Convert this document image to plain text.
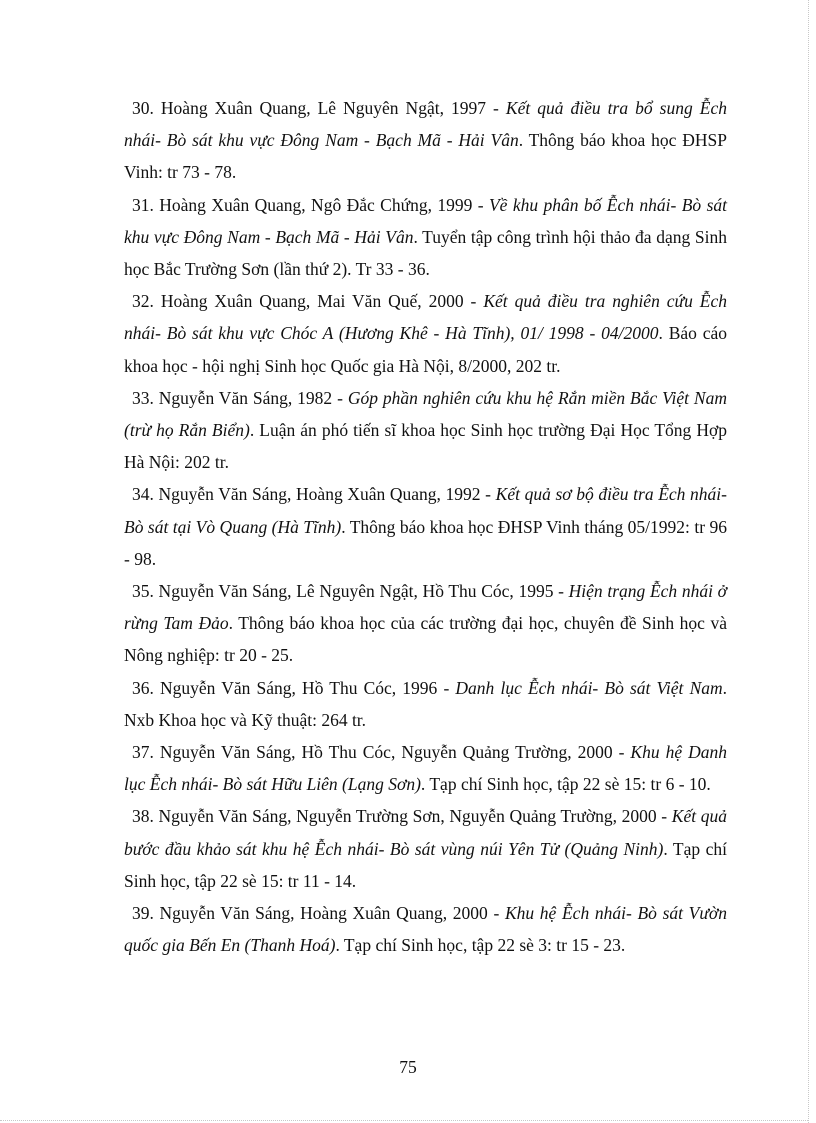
30. Hoàng Xuân Quang, Lê Nguyên Ngật, 1997 - Kết quả điều tra bổ sung Ễch nhái- Bò sát khu vực Đông Nam - Bạch Mã - Hải Vân. Thông báo khoa học ĐHSP Vinh: tr 73 - 78.

31. Hoàng Xuân Quang, Ngô Đắc Chứng, 1999 - Về khu phân bố Ễch nhái- Bò sát khu vực Đông Nam - Bạch Mã - Hải Vân. Tuyển tập công trình hội thảo đa dạng Sinh học Bắc Trường Sơn (lần thứ 2). Tr 33 - 36.

32. Hoàng Xuân Quang, Mai Văn Quế, 2000 - Kết quả điều tra nghiên cứu Ễch nhái- Bò sát khu vực Chóc A (Hương Khê - Hà Tĩnh), 01/ 1998 - 04/2000. Báo cáo khoa học - hội nghị Sinh học Quốc gia Hà Nội, 8/2000, 202 tr.

33. Nguyễn Văn Sáng, 1982 - Góp phần nghiên cứu khu hệ Rắn miền Bắc Việt Nam (trừ họ Rắn Biển). Luận án phó tiến sĩ khoa học Sinh học trường Đại Học Tổng Hợp Hà Nội: 202 tr.

34. Nguyễn Văn Sáng, Hoàng Xuân Quang, 1992 - Kết quả sơ bộ điều tra Ễch nhái- Bò sát tại Vò Quang (Hà Tĩnh). Thông báo khoa học ĐHSP Vinh tháng 05/1992: tr 96 - 98.

35. Nguyễn Văn Sáng, Lê Nguyên Ngật, Hồ Thu Cóc, 1995 - Hiện trạng Ễch nhái ở rừng Tam Đảo. Thông báo khoa học của các trường đại học, chuyên đề Sinh học và Nông nghiệp: tr 20 - 25.

36. Nguyễn Văn Sáng, Hồ Thu Cóc, 1996 - Danh lục Ễch nhái- Bò sát Việt Nam. Nxb Khoa học và Kỹ thuật: 264 tr.

37. Nguyễn Văn Sáng, Hồ Thu Cóc, Nguyễn Quảng Trường, 2000 - Khu hệ Danh lục Ễch nhái- Bò sát Hữu Liên (Lạng Sơn). Tạp chí Sinh học, tập 22 sè 15: tr 6 - 10.

38. Nguyễn Văn Sáng, Nguyễn Trường Sơn, Nguyễn Quảng Trường, 2000 - Kết quả bước đầu khảo sát khu hệ Ễch nhái- Bò sát vùng núi Yên Tử (Quảng Ninh). Tạp chí Sinh học, tập 22 sè 15: tr 11 - 14.

39. Nguyễn Văn Sáng, Hoàng Xuân Quang, 2000 - Khu hệ Ễch nhái- Bò sát Vườn quốc gia Bến En (Thanh Hoá). Tạp chí Sinh học, tập 22 sè 3: tr 15 - 23.

75
